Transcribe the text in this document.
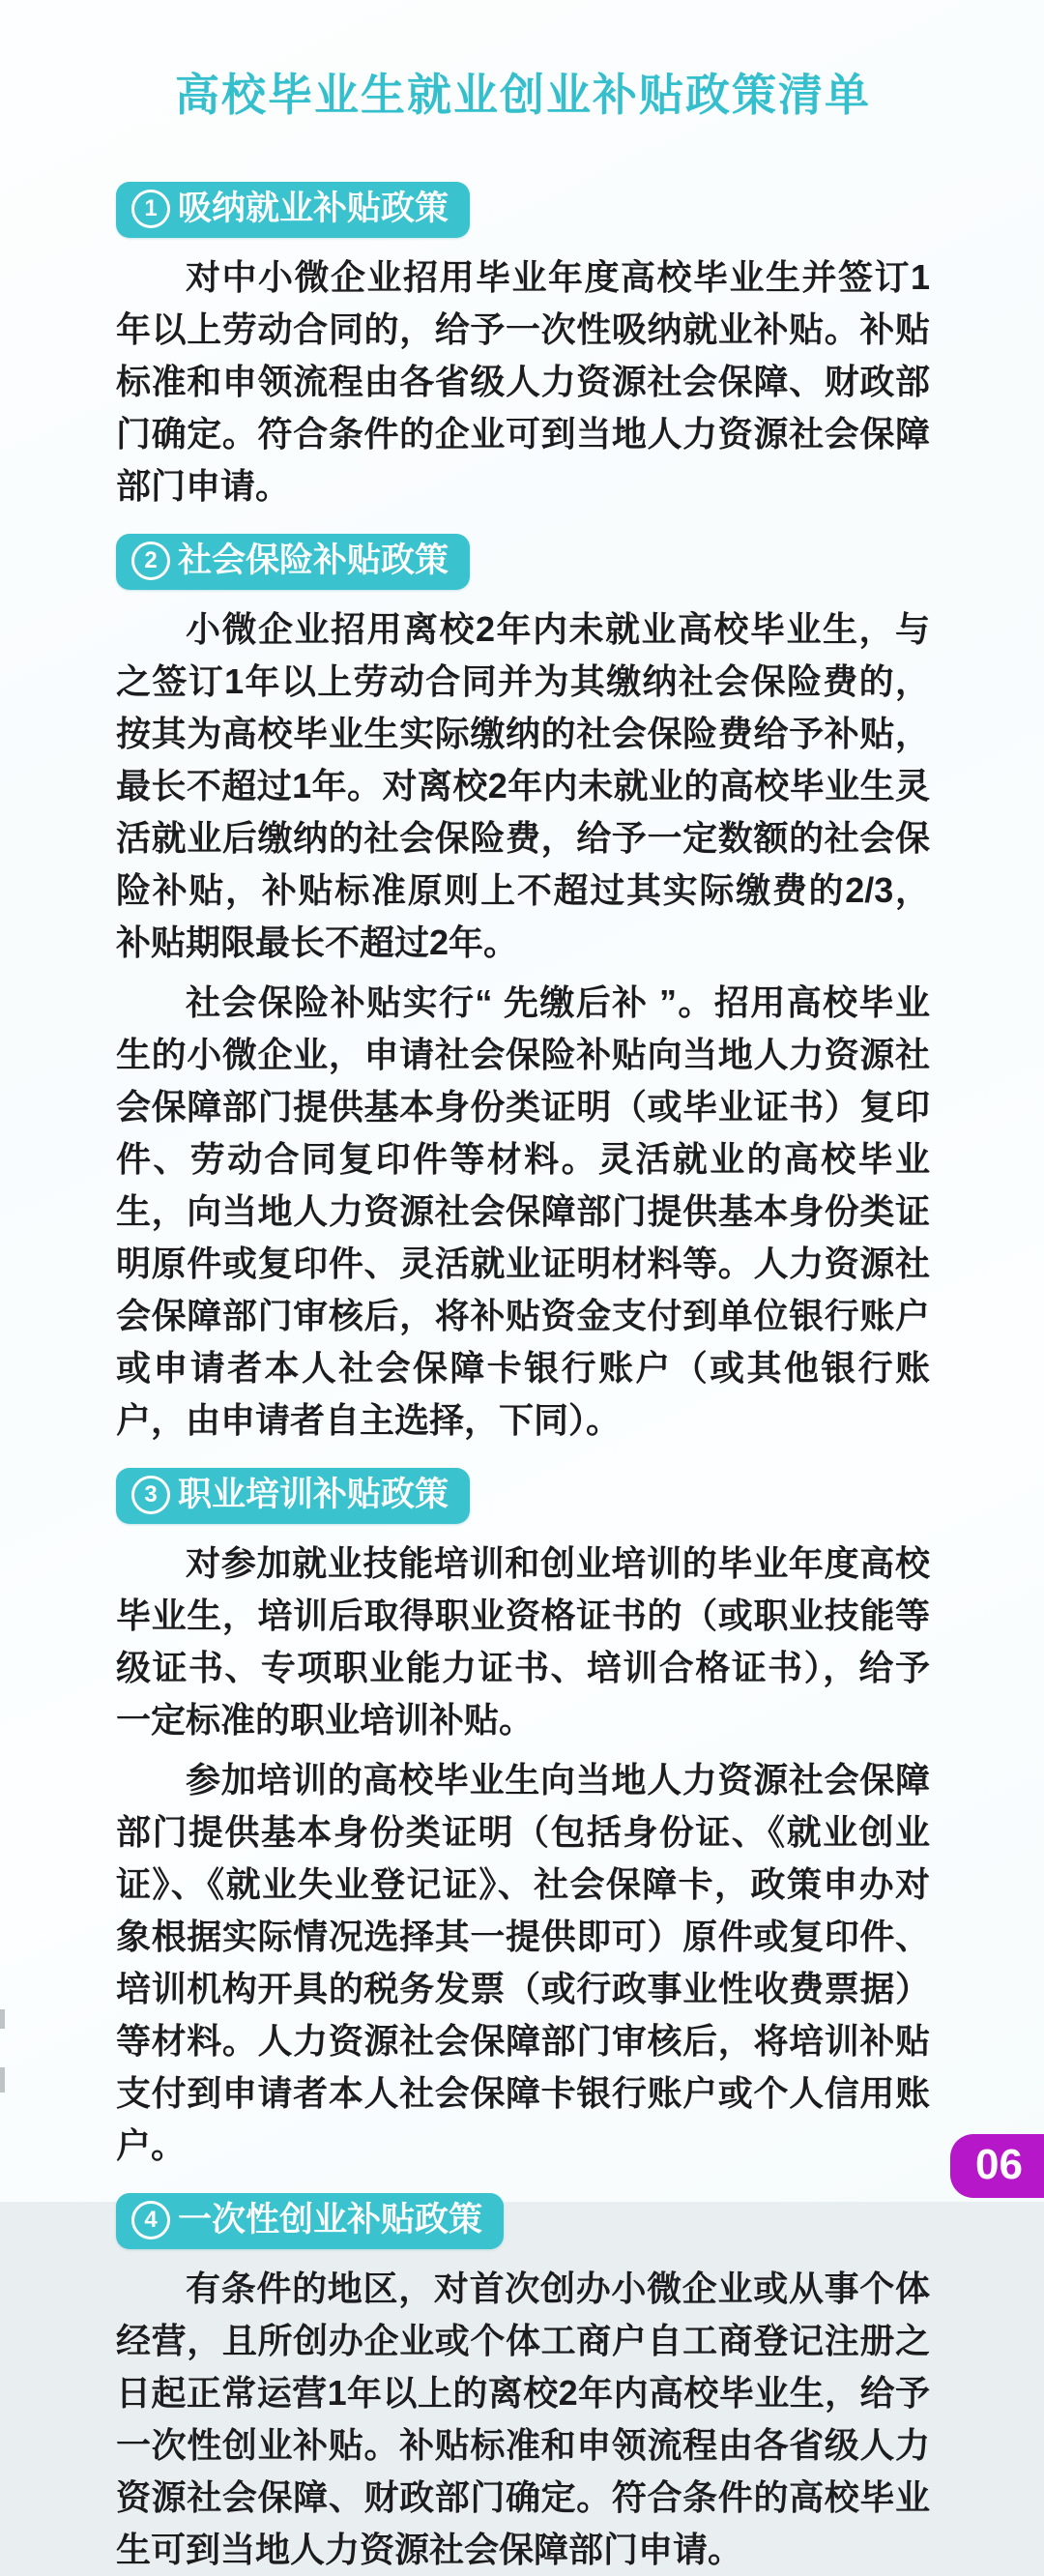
高校毕业生就业创业补贴政策清单
1 吸纳就业补贴政策

对中小微企业招用毕业年度高校毕业生并签订1年以上劳动合同的，给予一次性吸纳就业补贴。补贴标准和申领流程由各省级人力资源社会保障、财政部门确定。符合条件的企业可到当地人力资源社会保障部门申请。

2 社会保险补贴政策

小微企业招用离校2年内未就业高校毕业生，与之签订1年以上劳动合同并为其缴纳社会保险费的，按其为高校毕业生实际缴纳的社会保险费给予补贴，最长不超过1年。对离校2年内未就业的高校毕业生灵活就业后缴纳的社会保险费，给予一定数额的社会保险补贴，补贴标准原则上不超过其实际缴费的2/3，补贴期限最长不超过2年。

社会保险补贴实行“ 先缴后补 ”。招用高校毕业生的小微企业，申请社会保险补贴向当地人力资源社会保障部门提供基本身份类证明（或毕业证书）复印件、劳动合同复印件等材料。灵活就业的高校毕业生，向当地人力资源社会保障部门提供基本身份类证明原件或复印件、灵活就业证明材料等。人力资源社会保障部门审核后，将补贴资金支付到单位银行账户或申请者本人社会保障卡银行账户（或其他银行账户，由申请者自主选择，下同）。

3 职业培训补贴政策

对参加就业技能培训和创业培训的毕业年度高校毕业生，培训后取得职业资格证书的（或职业技能等级证书、专项职业能力证书、培训合格证书），给予一定标准的职业培训补贴。

参加培训的高校毕业生向当地人力资源社会保障部门提供基本身份类证明（包括身份证、《就业创业证》、《就业失业登记证》、社会保障卡，政策申办对象根据实际情况选择其一提供即可）原件或复印件、培训机构开具的税务发票（或行政事业性收费票据）等材料。人力资源社会保障部门审核后，将培训补贴支付到申请者本人社会保障卡银行账户或个人信用账户。

4 一次性创业补贴政策

有条件的地区，对首次创办小微企业或从事个体经营，且所创办企业或个体工商户自工商登记注册之日起正常运营1年以上的离校2年内高校毕业生，给予一次性创业补贴。补贴标准和申领流程由各省级人力资源社会保障、财政部门确定。符合条件的高校毕业生可到当地人力资源社会保障部门申请。

06
